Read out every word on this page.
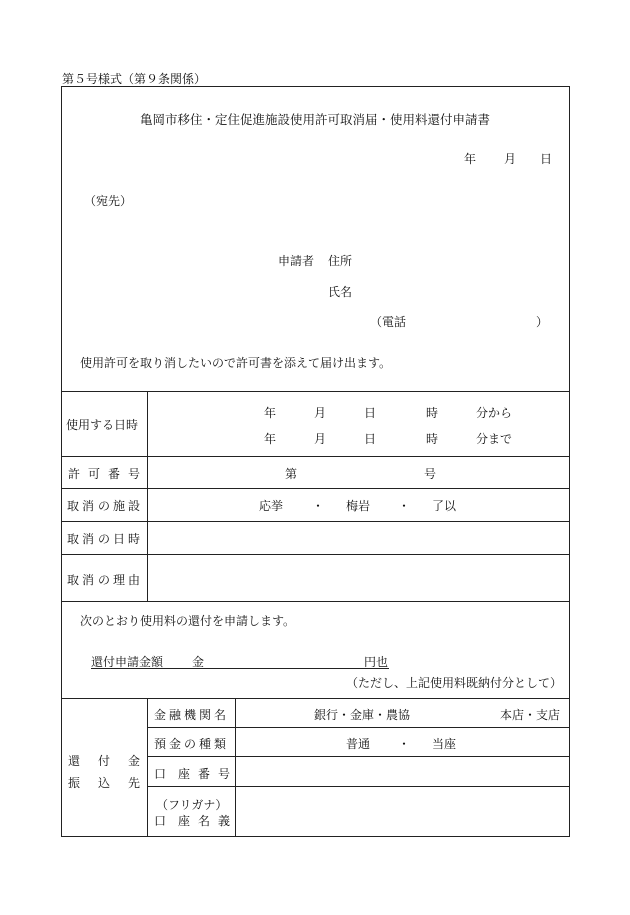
第５号様式（第９条関係）
亀岡市移住・定住促進施設使用許可取消届・使用料還付申請書
年 月 日
（宛先）
申請者 住所
氏名
（電話	）
使用許可を取り消したいので許可書を添えて届け出ます。
使用する日時
年	月	日	時	分から
年	月	日	時	分まで
許 可 番 号	第	号
取 消 の 施 設	応挙 ・ 梅岩 ・ 了以
取 消 の 日 時
取 消 の 理 由
次のとおり使用料の還付を申請します。
還付申請金額 金	円也
（ただし、上記使用料既納付分として）
還 付 金
振 込 先
金 融 機 関 名	銀行・金庫・農協	本店・支店
預 金 の 種 類	普通 ・ 当座
口 座 番 号
（フリガナ）
口 座 名 義
